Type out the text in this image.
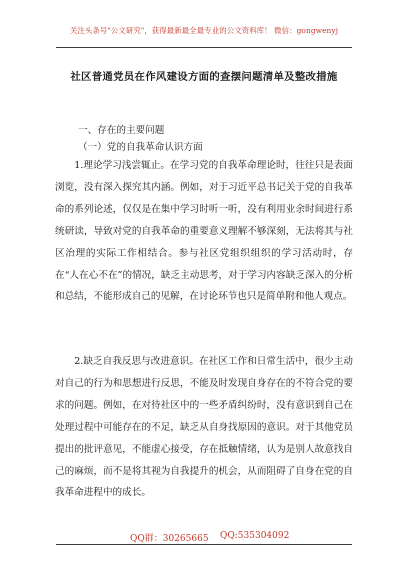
关注头条号"公文研究"，获得最新最全最专业的公文资料库！ 微信：gongwenyj
社区普通党员在作风建设方面的查摆问题清单及整改措施
一、存在的主要问题
（一）党的自我革命认识方面

1.理论学习浅尝辄止。在学习党的自我革命理论时，往往只是表面浏览，没有深入探究其内涵。例如，对于习近平总书记关于党的自我革命的系列论述，仅仅是在集中学习时听一听，没有利用业余时间进行系统研读，导致对党的自我革命的重要意义理解不够深刻，无法将其与社区治理的实际工作相结合。参与社区党组织组织的学习活动时，存在“人在心不在”的情况，缺乏主动思考，对于学习内容缺乏深入的分析和总结，不能形成自己的见解，在讨论环节也只是简单附和他人观点。

2.缺乏自我反思与改进意识。在社区工作和日常生活中，很少主动对自己的行为和思想进行反思，不能及时发现自身存在的不符合党的要求的问题。例如，在对待社区中的一些矛盾纠纷时，没有意识到自己在处理过程中可能存在的不足，缺乏从自身找原因的意识。对于其他党员提出的批评意见，不能虚心接受，存在抵触情绪，认为是别人故意找自己的麻烦，而不是将其视为自我提升的机会，从而阻碍了自身在党的自我革命进程中的成长。

QQ群：30265665 QQ:535304092
